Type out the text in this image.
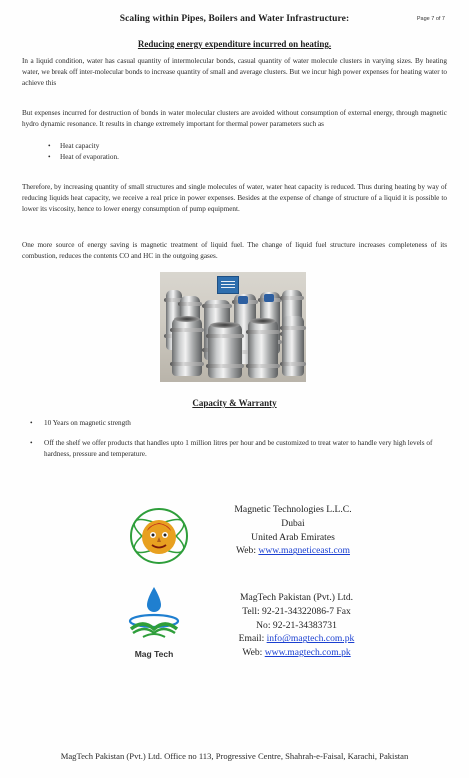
Scaling within Pipes, Boilers and Water Infrastructure:	Page 7 of 7
Reducing energy expenditure incurred on heating.

In a liquid condition, water has casual quantity of intermolecular bonds, casual quantity of water molecule clusters in varying sizes. By heating water, we break off inter-molecular bonds to increase quantity of small and average clusters. But we incur high power expenses for heating water to achieve this

But expenses incurred for destruction of bonds in water molecular clusters are avoided without consumption of external energy, through magnetic hydro dynamic resonance. It results in change extremely important for thermal power parameters such as

• Heat capacity
• Heat of evaporation.

Therefore, by increasing quantity of small structures and single molecules of water, water heat capacity is reduced. Thus during heating by way of reducing liquids heat capacity, we receive a real price in power expenses. Besides at the expense of change of structure of a liquid it is possible to lower its viscosity, hence to lower energy consumption of pump equipment.

One more source of energy saving is magnetic treatment of liquid fuel. The change of liquid fuel structure increases completeness of its combustion, reduces the contents CO and HC in the outgoing gases.

Capacity & Warranty
• 10 Years on magnetic strength
• Off the shelf we offer products that handles upto 1 million litres per hour and be customized to treat water to handle very high levels of hardness, pressure and temperature.
Magnetic Technologies L.L.C.
Dubai
United Arab Emirates
Web: www.magneticeast.com
Mag Tech
MagTech Pakistan (Pvt.) Ltd.
Tell: 92-21-34322086-7 Fax
No: 92-21-34383731
Email: info@magtech.com.pk
Web: www.magtech.com.pk
MagTech Pakistan (Pvt.) Ltd. Office no 113, Progressive Centre, Shahrah-e-Faisal, Karachi, Pakistan
